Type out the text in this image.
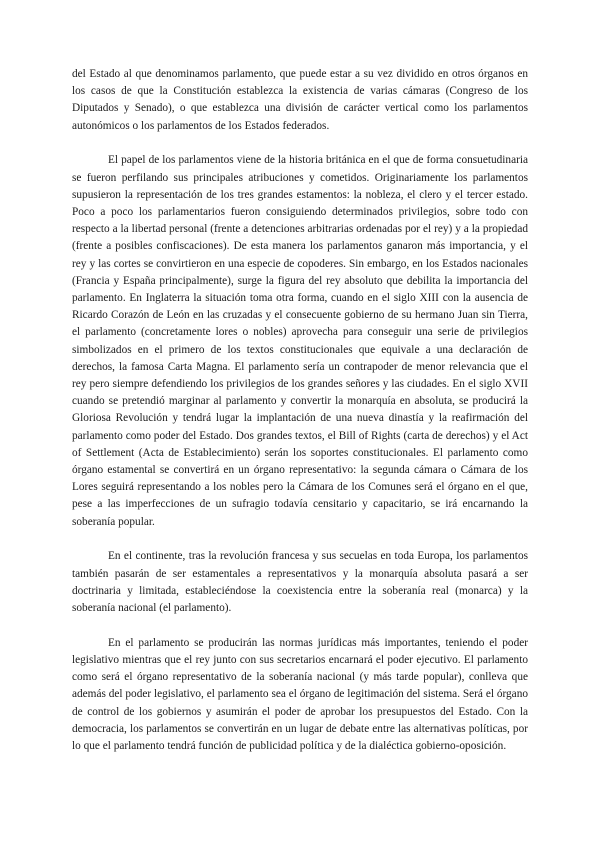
del Estado al que denominamos parlamento, que puede estar a su vez dividido en otros órganos en los casos de que la Constitución establezca la existencia de varias cámaras (Congreso de los Diputados y Senado), o que establezca una división de carácter vertical como los parlamentos autonómicos o los parlamentos de los Estados federados.

El papel de los parlamentos viene de la historia británica en el que de forma consuetudinaria se fueron perfilando sus principales atribuciones y cometidos. Originariamente los parlamentos supusieron la representación de los tres grandes estamentos: la nobleza, el clero y el tercer estado. Poco a poco los parlamentarios fueron consiguiendo determinados privilegios, sobre todo con respecto a la libertad personal (frente a detenciones arbitrarias ordenadas por el rey) y a la propiedad (frente a posibles confiscaciones). De esta manera los parlamentos ganaron más importancia, y el rey y las cortes se convirtieron en una especie de copoderes. Sin embargo, en los Estados nacionales (Francia y España principalmente), surge la figura del rey absoluto que debilita la importancia del parlamento. En Inglaterra la situación toma otra forma, cuando en el siglo XIII con la ausencia de Ricardo Corazón de León en las cruzadas y el consecuente gobierno de su hermano Juan sin Tierra, el parlamento (concretamente lores o nobles) aprovecha para conseguir una serie de privilegios simbolizados en el primero de los textos constitucionales que equivale a una declaración de derechos, la famosa Carta Magna. El parlamento sería un contrapoder de menor relevancia que el rey pero siempre defendiendo los privilegios de los grandes señores y las ciudades. En el siglo XVII cuando se pretendió marginar al parlamento y convertir la monarquía en absoluta, se producirá la Gloriosa Revolución y tendrá lugar la implantación de una nueva dinastía y la reafirmación del parlamento como poder del Estado. Dos grandes textos, el Bill of Rights (carta de derechos) y el Act of Settlement (Acta de Establecimiento) serán los soportes constitucionales. El parlamento como órgano estamental se convertirá en un órgano representativo: la segunda cámara o Cámara de los Lores seguirá representando a los nobles pero la Cámara de los Comunes será el órgano en el que, pese a las imperfecciones de un sufragio todavía censitario y capacitario, se irá encarnando la soberanía popular.

En el continente, tras la revolución francesa y sus secuelas en toda Europa, los parlamentos también pasarán de ser estamentales a representativos y la monarquía absoluta pasará a ser doctrinaria y limitada, estableciéndose la coexistencia entre la soberanía real (monarca) y la soberanía nacional (el parlamento).

En el parlamento se producirán las normas jurídicas más importantes, teniendo el poder legislativo mientras que el rey junto con sus secretarios encarnará el poder ejecutivo. El parlamento como será el órgano representativo de la soberanía nacional (y más tarde popular), conlleva que además del poder legislativo, el parlamento sea el órgano de legitimación del sistema. Será el órgano de control de los gobiernos y asumirán el poder de aprobar los presupuestos del Estado. Con la democracia, los parlamentos se convertirán en un lugar de debate entre las alternativas políticas, por lo que el parlamento tendrá función de publicidad política y de la dialéctica gobierno-oposición.
